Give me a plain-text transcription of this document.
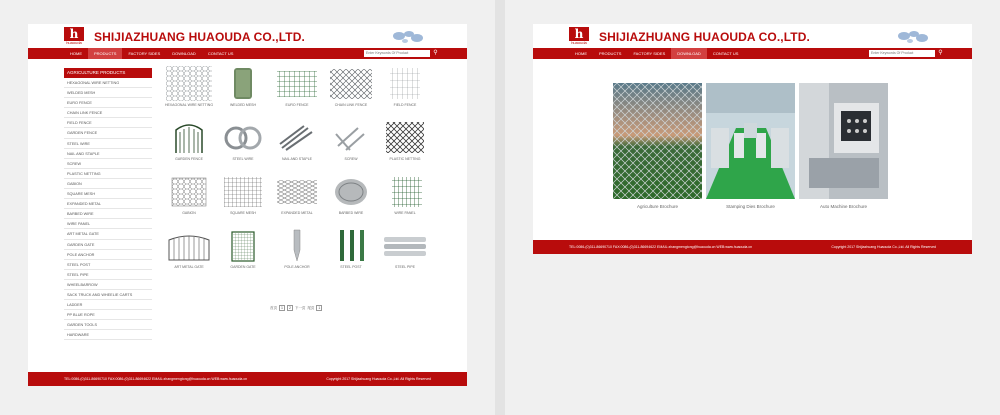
h
huaouda SHIJIAZHUANG HUAOUDA CO.,LTD.
HOME	PRODUCTS	FACTORY SIDES	DOWNLOAD	CONTACT US
Enter Keywords Of Product	⚲
AGRICULTURE PRODUCTS
HEXAGONAL WIRE NETTING
WELDED MESH
EURO FENCE
CHAIN LINK FENCE
FIELD FENCE
GARDEN FENCE
STEEL WIRE
NAIL AND STAPLE
SCREW
PLASTIC NETTING
GABION
SQUARE MESH
EXPANDED METAL
BARBED WIRE
WIRE PANEL
ART METAL GATE
GARDEN GATE
POLE ANCHOR
STEEL POST
STEEL PIPE
WHEELBARROW
SACK TRUCK AND WHEELIE CARTS
LADDER
PP BLUE ROPE
GARDEN TOOLS
HARDWARE
HEXAGONAL WIRE NETTING	WELDED MESH	EURO FENCE	CHAIN LINK FENCE	FIELD FENCE
GARDEN FENCE	STEEL WIRE	NAIL AND STAPLE	SCREW	PLASTIC NETTING
GABION	SQUARE MESH	EXPANDED METAL	BARBED WIRE	WIRE PANEL
ART METAL GATE	GARDEN GATE	POLE ANCHOR	STEEL POST	STEEL PIPE
首页	1	2	下一页 尾页	1
TEL:0086-(0)311-86690710 FAX:0086-(0)311-86694622 EMAIL:zhangmengtong@huaouda.cn WEB:www.huaouda.cn	Copyright 2017 Shijiazhuang Huaouda Co.,Ltd. All Rights Reserved
h
huaouda SHIJIAZHUANG HUAOUDA CO.,LTD.
HOME	PRODUCTS	FACTORY SIDES	DOWNLOAD	CONTACT US
Enter Keywords Of Product	⚲
Agriculture Brochure	Stamping Dies Brochure	Auto Machine Brochure
TEL:0086-(0)311-86690710 FAX:0086-(0)311-86694622 EMAIL:zhangmengtong@huaouda.cn WEB:www.huaouda.cn	Copyright 2017 Shijiazhuang Huaouda Co.,Ltd. All Rights Reserved
